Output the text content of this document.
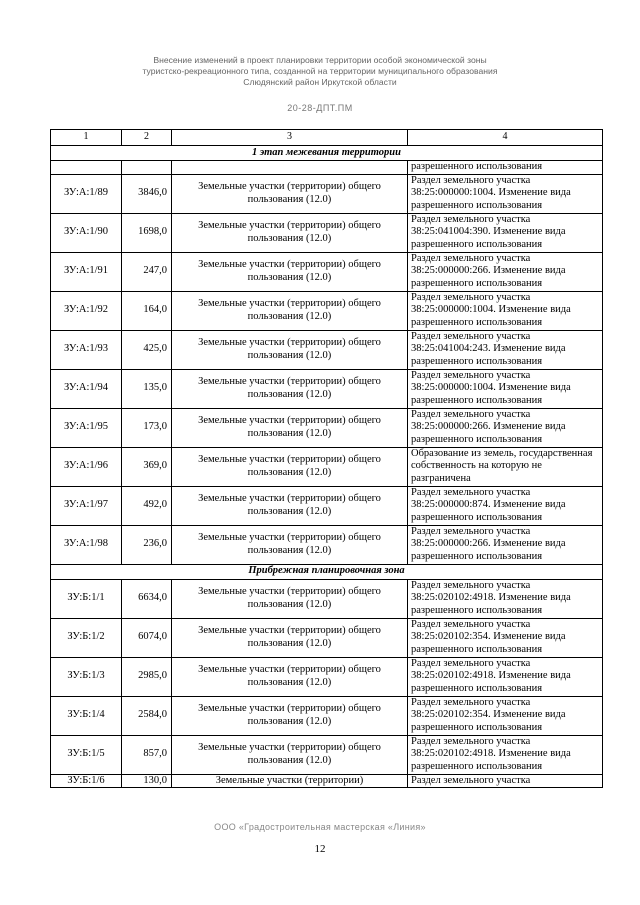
Внесение изменений в проект планировки территории особой экономической зоны
туристско-рекреационного типа, созданной на территории муниципального образования
Слюдянский район Иркутской области
20-28-ДПТ.ПМ
1	2	3	4
1 этап межевания территории			
			разрешенного использования
ЗУ:А:1/89	3846,0	Земельные участки (территории) общего пользования (12.0)	Раздел земельного участка 38:25:000000:1004. Изменение вида разрешенного использования
ЗУ:А:1/90	1698,0	Земельные участки (территории) общего пользования (12.0)	Раздел земельного участка 38:25:041004:390. Изменение вида разрешенного использования
ЗУ:А:1/91	247,0	Земельные участки (территории) общего пользования (12.0)	Раздел земельного участка 38:25:000000:266. Изменение вида разрешенного использования
ЗУ:А:1/92	164,0	Земельные участки (территории) общего пользования (12.0)	Раздел земельного участка 38:25:000000:1004. Изменение вида разрешенного использования
ЗУ:А:1/93	425,0	Земельные участки (территории) общего пользования (12.0)	Раздел земельного участка 38:25:041004:243. Изменение вида разрешенного использования
ЗУ:А:1/94	135,0	Земельные участки (территории) общего пользования (12.0)	Раздел земельного участка 38:25:000000:1004. Изменение вида разрешенного использования
ЗУ:А:1/95	173,0	Земельные участки (территории) общего пользования (12.0)	Раздел земельного участка 38:25:000000:266. Изменение вида разрешенного использования
ЗУ:А:1/96	369,0	Земельные участки (территории) общего пользования (12.0)	Образование из земель, государственная собственность на которую не разграничена
ЗУ:А:1/97	492,0	Земельные участки (территории) общего пользования (12.0)	Раздел земельного участка 38:25:000000:874. Изменение вида разрешенного использования
ЗУ:А:1/98	236,0	Земельные участки (территории) общего пользования (12.0)	Раздел земельного участка 38:25:000000:266. Изменение вида разрешенного использования
Прибрежная планировочная зона			
ЗУ:Б:1/1	6634,0	Земельные участки (территории) общего пользования (12.0)	Раздел земельного участка 38:25:020102:4918. Изменение вида разрешенного использования
ЗУ:Б:1/2	6074,0	Земельные участки (территории) общего пользования (12.0)	Раздел земельного участка 38:25:020102:354. Изменение вида разрешенного использования
ЗУ:Б:1/3	2985,0	Земельные участки (территории) общего пользования (12.0)	Раздел земельного участка 38:25:020102:4918. Изменение вида разрешенного использования
ЗУ:Б:1/4	2584,0	Земельные участки (территории) общего пользования (12.0)	Раздел земельного участка 38:25:020102:354. Изменение вида разрешенного использования
ЗУ:Б:1/5	857,0	Земельные участки (территории) общего пользования (12.0)	Раздел земельного участка 38:25:020102:4918. Изменение вида разрешенного использования
ЗУ:Б:1/6	130,0	Земельные участки (территории)	Раздел земельного участка
ООО «Градостроительная мастерская «Линия»
12
